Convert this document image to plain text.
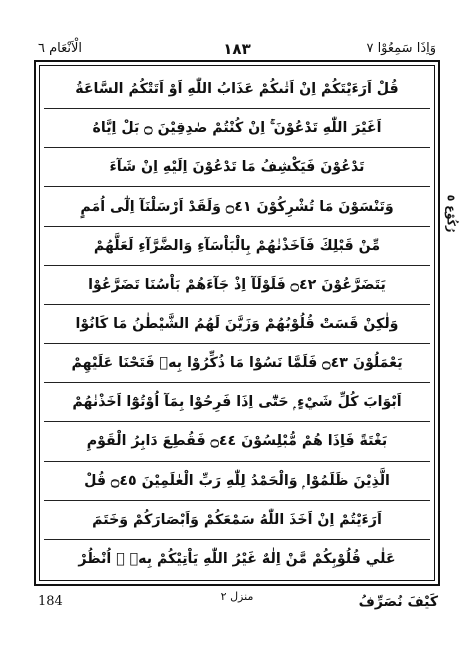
وَاِذَا سَمِعُوْا ٧
١٨٣
الْاَنْعَام ٦
قُلْ اَرَءَيْتَكُمْ اِنْ اَتٰىكُمْ عَذَابُ اللّٰهِ اَوْ اَتَتْكُمُ السَّاعَةُ
اَغَيْرَ اللّٰهِ تَدْعُوْنَ ۚ اِنْ كُنْتُمْ صٰدِقِيْنَ ۝ بَلْ اِيَّاهُ
تَدْعُوْنَ فَيَكْشِفُ مَا تَدْعُوْنَ اِلَيْهِ اِنْ شَآءَ
وَتَنْسَوْنَ مَا تُشْرِكُوْنَ ۝٤١ وَلَقَدْ اَرْسَلْنَآ اِلٰٓى اُمَمٍ
مِّنْ قَبْلِكَ فَاَخَذْنٰهُمْ بِالْبَاْسَآءِ وَالضَّرَّآءِ لَعَلَّهُمْ
يَتَضَرَّعُوْنَ ۝٤٢ فَلَوْلَآ اِذْ جَآءَهُمْ بَاْسُنَا تَضَرَّعُوْا
وَلٰكِنْ قَسَتْ قُلُوْبُهُمْ وَزَيَّنَ لَهُمُ الشَّيْطٰنُ مَا كَانُوْا
يَعْمَلُوْنَ ۝٤٣ فَلَمَّا نَسُوْا مَا ذُكِّرُوْا بِهٖ فَتَحْنَا عَلَيْهِمْ
اَبْوَابَ كُلِّ شَيْءٍ ۭ حَتّٰٓى اِذَا فَرِحُوْا بِمَآ اُوْتُوْٓا اَخَذْنٰهُمْ
بَغْتَةً فَاِذَا هُمْ مُّبْلِسُوْنَ ۝٤٤ فَقُطِعَ دَابِرُ الْقَوْمِ
الَّذِيْنَ ظَلَمُوْا ۭ وَالْحَمْدُ لِلّٰهِ رَبِّ الْعٰلَمِيْنَ ۝٤٥ قُلْ
اَرَءَيْتُمْ اِنْ اَخَذَ اللّٰهُ سَمْعَكُمْ وَاَبْصَارَكُمْ وَخَتَمَ
عَلٰي قُلُوْبِكُمْ مَّنْ اِلٰهٌ غَيْرُ اللّٰهِ يَاْتِيْكُمْ بِهٖ ۭ اُنْظُرْ
رُكُوْع ٥
كَيْفَ نُصَرِّفُ
منزل ٢
184
